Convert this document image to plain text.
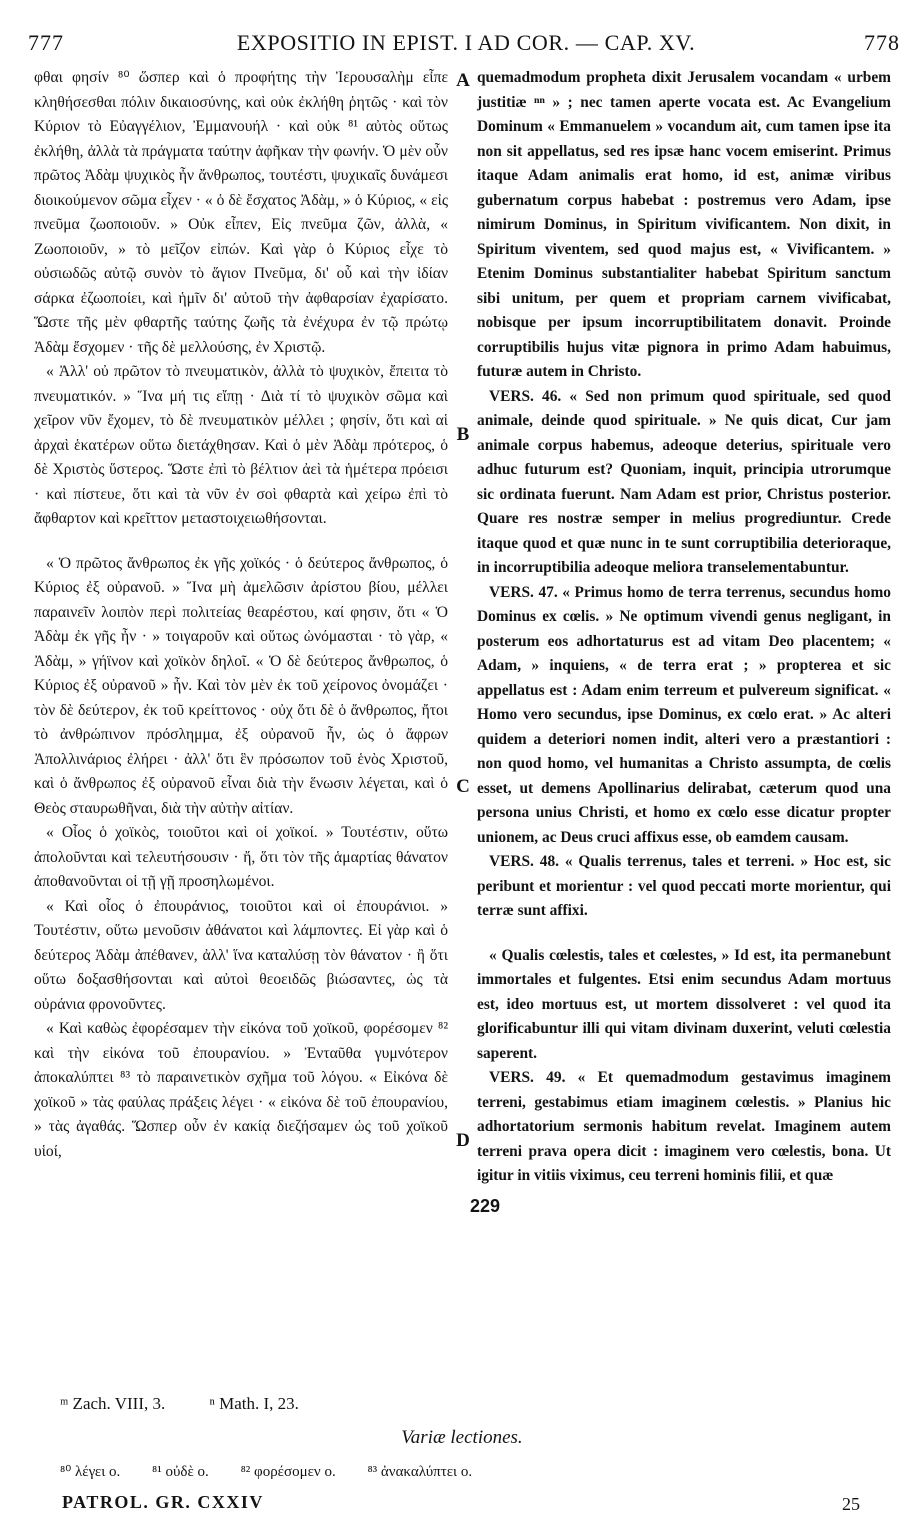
777	EXPOSITIO IN EPIST. I AD COR. — CAP. XV.	778

φθαι φησίν ⁸⁰ ὥσπερ καὶ ὁ προφήτης τὴν Ἰερουσαλὴμ εἶπε κληθήσεσθαι πόλιν δικαιοσύνης, καὶ οὐκ ἐκλήθη ῥητῶς · καὶ τὸν Κύριον τὸ Εὐαγγέλιον, Ἐμμανουήλ · καὶ οὐκ ⁸¹ αὐτὸς οὕτως ἐκλήθη, ἀλλὰ τὰ πράγματα ταύτην ἀφῆκαν τὴν φωνήν. Ὁ μὲν οὖν πρῶτος Ἀδὰμ ψυχικὸς ἦν ἄνθρωπος, τουτέστι, ψυχικαῖς δυνάμεσι διοικούμενον σῶμα εἶχεν · « ὁ δὲ ἔσχατος Ἀδὰμ, » ὁ Κύριος, « εἰς πνεῦμα ζωοποιοῦν. » Οὐκ εἶπεν, Εἰς πνεῦμα ζῶν, ἀλλὰ, « Ζωοποιοῦν, » τὸ μεῖζον εἰπών. Καὶ γὰρ ὁ Κύριος εἶχε τὸ οὐσιωδῶς αὐτῷ συνὸν τὸ ἅγιον Πνεῦμα, δι' οὗ καὶ τὴν ἰδίαν σάρκα ἐζωοποίει, καὶ ἡμῖν δι' αὐτοῦ τὴν ἀφθαρσίαν ἐχαρίσατο. Ὥστε τῆς μὲν φθαρτῆς ταύτης ζωῆς τὰ ἐνέχυρα ἐν τῷ πρώτῳ Ἀδὰμ ἔσχομεν · τῆς δὲ μελλούσης, ἐν Χριστῷ.

« Ἀλλ' οὐ πρῶτον τὸ πνευματικὸν, ἀλλὰ τὸ ψυχικὸν, ἔπειτα τὸ πνευματικόν. » Ἵνα μή τις εἴπῃ · Διὰ τί τὸ ψυχικὸν σῶμα καὶ χεῖρον νῦν ἔχομεν, τὸ δὲ πνευματικὸν μέλλει ; φησίν, ὅτι καὶ αἱ ἀρχαὶ ἑκατέρων οὕτω διετάχθησαν. Καὶ ὁ μὲν Ἀδὰμ πρότερος, ὁ δὲ Χριστὸς ὕστερος. Ὥστε ἐπὶ τὸ βέλτιον ἀεὶ τὰ ἡμέτερα πρόεισι · καὶ πίστευε, ὅτι καὶ τὰ νῦν ἐν σοὶ φθαρτὰ καὶ χείρω ἐπὶ τὸ ἄφθαρτον καὶ κρεῖττον μεταστοιχειωθήσονται.

« Ὁ πρῶτος ἄνθρωπος ἐκ γῆς χοϊκός · ὁ δεύτερος ἄνθρωπος, ὁ Κύριος ἐξ οὐρανοῦ. » Ἵνα μὴ ἀμελῶσιν ἀρίστου βίου, μέλλει παραινεῖν λοιπὸν περὶ πολιτείας θεαρέστου, καί φησιν, ὅτι « Ὁ Ἀδὰμ ἐκ γῆς ἦν · » τοιγαροῦν καὶ οὕτως ὠνόμασται · τὸ γὰρ, « Ἀδὰμ, » γήϊνον καὶ χοϊκὸν δηλοῖ. « Ὁ δὲ δεύτερος ἄνθρωπος, ὁ Κύριος ἐξ οὐρανοῦ » ἦν. Καὶ τὸν μὲν ἐκ τοῦ χείρονος ὀνομάζει · τὸν δὲ δεύτερον, ἐκ τοῦ κρείττονος · οὐχ ὅτι δὲ ὁ ἄνθρωπος, ἤτοι τὸ ἀνθρώπινον πρόσλημμα, ἐξ οὐρανοῦ ἦν, ὡς ὁ ἄφρων Ἀπολλινάριος ἐλήρει · ἀλλ' ὅτι ἓν πρόσωπον τοῦ ἑνὸς Χριστοῦ, καὶ ὁ ἄνθρωπος ἐξ οὐρανοῦ εἶναι διὰ τὴν ἕνωσιν λέγεται, καὶ ὁ Θεὸς σταυρωθῆναι, διὰ τὴν αὐτὴν αἰτίαν.

« Οἷος ὁ χοϊκὸς, τοιοῦτοι καὶ οἱ χοϊκοί. » Τουτέστιν, οὕτω ἀπολοῦνται καὶ τελευτήσουσιν · ἤ, ὅτι τὸν τῆς ἁμαρτίας θάνατον ἀποθανοῦνται οἱ τῇ γῇ προσηλωμένοι.

« Καὶ οἷος ὁ ἐπουράνιος, τοιοῦτοι καὶ οἱ ἐπουράνιοι. » Τουτέστιν, οὕτω μενοῦσιν ἀθάνατοι καὶ λάμποντες. Εἰ γὰρ καὶ ὁ δεύτερος Ἀδὰμ ἀπέθανεν, ἀλλ' ἵνα καταλύσῃ τὸν θάνατον · ἢ ὅτι οὕτω δοξασθήσονται καὶ αὐτοὶ θεοειδῶς βιώσαντες, ὡς τὰ οὐράνια φρονοῦντες.

« Καὶ καθὼς ἐφορέσαμεν τὴν εἰκόνα τοῦ χοϊκοῦ, φορέσομεν ⁸² καὶ τὴν εἰκόνα τοῦ ἐπουρανίου. » Ἐνταῦθα γυμνότερον ἀποκαλύπτει ⁸³ τὸ παραινετικὸν σχῆμα τοῦ λόγου. « Εἰκόνα δὲ χοϊκοῦ » τὰς φαύλας πράξεις λέγει · « εἰκόνα δὲ τοῦ ἐπουρανίου, » τὰς ἀγαθάς. Ὥσπερ οὖν ἐν κακίᾳ διεζήσαμεν ὡς τοῦ χοϊκοῦ υἱοί,

A
B
C
D
229

quemadmodum propheta dixit Jerusalem vocandam « urbem justitiæ ⁿⁿ » ; nec tamen aperte vocata est. Ac Evangelium Dominum « Emmanuelem » vocandum ait, cum tamen ipse ita non sit appellatus, sed res ipsæ hanc vocem emiserint. Primus itaque Adam animalis erat homo, id est, animæ viribus gubernatum corpus habebat : postremus vero Adam, ipse nimirum Dominus, in Spiritum vivificantem. Non dixit, in Spiritum viventem, sed quod majus est, « Vivificantem. » Etenim Dominus substantialiter habebat Spiritum sanctum sibi unitum, per quem et propriam carnem vivificabat, nobisque per ipsum incorruptibilitatem donavit. Proinde corruptibilis hujus vitæ pignora in primo Adam habuimus, futuræ autem in Christo.

VERS. 46. « Sed non primum quod spirituale, sed quod animale, deinde quod spirituale. » Ne quis dicat, Cur jam animale corpus habemus, adeoque deterius, spirituale vero adhuc futurum est? Quoniam, inquit, principia utrorumque sic ordinata fuerunt. Nam Adam est prior, Christus posterior. Quare res nostræ semper in melius progrediuntur. Crede itaque quod et quæ nunc in te sunt corruptibilia deterioraque, in incorruptibilia adeoque meliora transelementabuntur.

VERS. 47. « Primus homo de terra terrenus, secundus homo Dominus ex cœlis. » Ne optimum vivendi genus negligant, in posterum eos adhortaturus est ad vitam Deo placentem; « Adam, » inquiens, « de terra erat ; » propterea et sic appellatus est : Adam enim terreum et pulvereum significat. « Homo vero secundus, ipse Dominus, ex cœlo erat. » Ac alteri quidem a deteriori nomen indit, alteri vero a præstantiori : non quod homo, vel humanitas a Christo assumpta, de cœlis esset, ut demens Apollinarius delirabat, cæterum quod una persona unius Christi, et homo ex cœlo esse dicatur propter unionem, ac Deus cruci affixus esse, ob eamdem causam.

VERS. 48. « Qualis terrenus, tales et terreni. » Hoc est, sic peribunt et morientur : vel quod peccati morte morientur, qui terræ sunt affixi.

« Qualis cœlestis, tales et cœlestes, » Id est, ita permanebunt immortales et fulgentes. Etsi enim secundus Adam mortuus est, ideo mortuus est, ut mortem dissolveret : vel quod ita glorificabuntur illi qui vitam divinam duxerint, veluti cœlestia saperent.

VERS. 49. « Et quemadmodum gestavimus imaginem terreni, gestabimus etiam imaginem cœlestis. » Planius hic adhortatorium sermonis habitum revelat. Imaginem autem terreni prava opera dicit : imaginem vero cœlestis, bona. Ut igitur in vitiis viximus, ceu terreni hominis filii, et quæ

ᵐ Zach. VIII, 3.	ⁿ Math. I, 23.
Variæ lectiones.
⁸⁰ λέγει ο. ⁸¹ οὐδὲ ο. ⁸² φορέσομεν ο. ⁸³ ἀνακαλύπτει ο.
PATROL. GR. CXXIV	25
